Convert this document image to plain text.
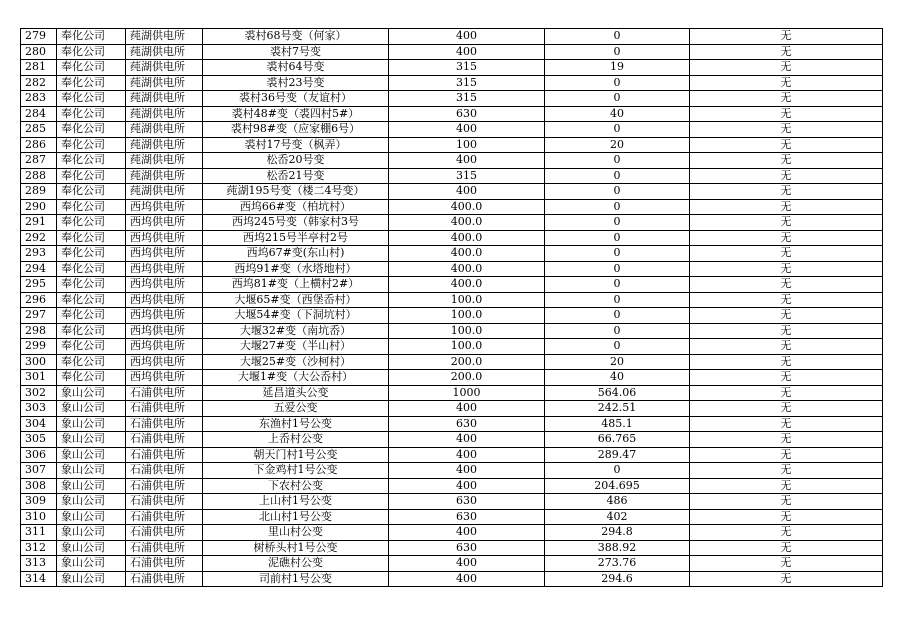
279	奉化公司	莼湖供电所	裘村68号变（何家）	400	0	无
280	奉化公司	莼湖供电所	裘村7号变	400	0	无
281	奉化公司	莼湖供电所	裘村64号变	315	19	无
282	奉化公司	莼湖供电所	裘村23号变	315	0	无
283	奉化公司	莼湖供电所	裘村36号变（友谊村）	315	0	无
284	奉化公司	莼湖供电所	裘村48#变（裘四村5#）	630	40	无
285	奉化公司	莼湖供电所	裘村98#变（应家棚6号）	400	0	无
286	奉化公司	莼湖供电所	裘村17号变（枫弄）	100	20	无
287	奉化公司	莼湖供电所	松岙20号变	400	0	无
288	奉化公司	莼湖供电所	松岙21号变	315	0	无
289	奉化公司	莼湖供电所	莼湖195号变（楼二4号变）	400	0	无
290	奉化公司	西坞供电所	西坞66#变（柏坑村）	400.0	0	无
291	奉化公司	西坞供电所	西坞245号变（韩家村3号	400.0	0	无
292	奉化公司	西坞供电所	西坞215号半亭村2号	400.0	0	无
293	奉化公司	西坞供电所	西坞67#变(东山村)	400.0	0	无
294	奉化公司	西坞供电所	西坞91#变（水塔地村）	400.0	0	无
295	奉化公司	西坞供电所	西坞81#变（上横村2#）	400.0	0	无
296	奉化公司	西坞供电所	大堰65#变（西堡岙村）	100.0	0	无
297	奉化公司	西坞供电所	大堰54#变（下洞坑村）	100.0	0	无
298	奉化公司	西坞供电所	大堰32#变（南坑岙）	100.0	0	无
299	奉化公司	西坞供电所	大堰27#变（半山村）	100.0	0	无
300	奉化公司	西坞供电所	大堰25#变（沙柯村）	200.0	20	无
301	奉化公司	西坞供电所	大堰1#变（大公岙村）	200.0	40	无
302	象山公司	石浦供电所	延昌道头公变	1000	564.06	无
303	象山公司	石浦供电所	五爱公变	400	242.51	无
304	象山公司	石浦供电所	东渔村1号公变	630	485.1	无
305	象山公司	石浦供电所	上岙村公变	400	66.765	无
306	象山公司	石浦供电所	朝天门村1号公变	400	289.47	无
307	象山公司	石浦供电所	下金鸡村1号公变	400	0	无
308	象山公司	石浦供电所	下农村公变	400	204.695	无
309	象山公司	石浦供电所	上山村1号公变	630	486	无
310	象山公司	石浦供电所	北山村1号公变	630	402	无
311	象山公司	石浦供电所	里山村公变	400	294.8	无
312	象山公司	石浦供电所	树桥头村1号公变	630	388.92	无
313	象山公司	石浦供电所	泥礁村公变	400	273.76	无
314	象山公司	石浦供电所	司前村1号公变	400	294.6	无
